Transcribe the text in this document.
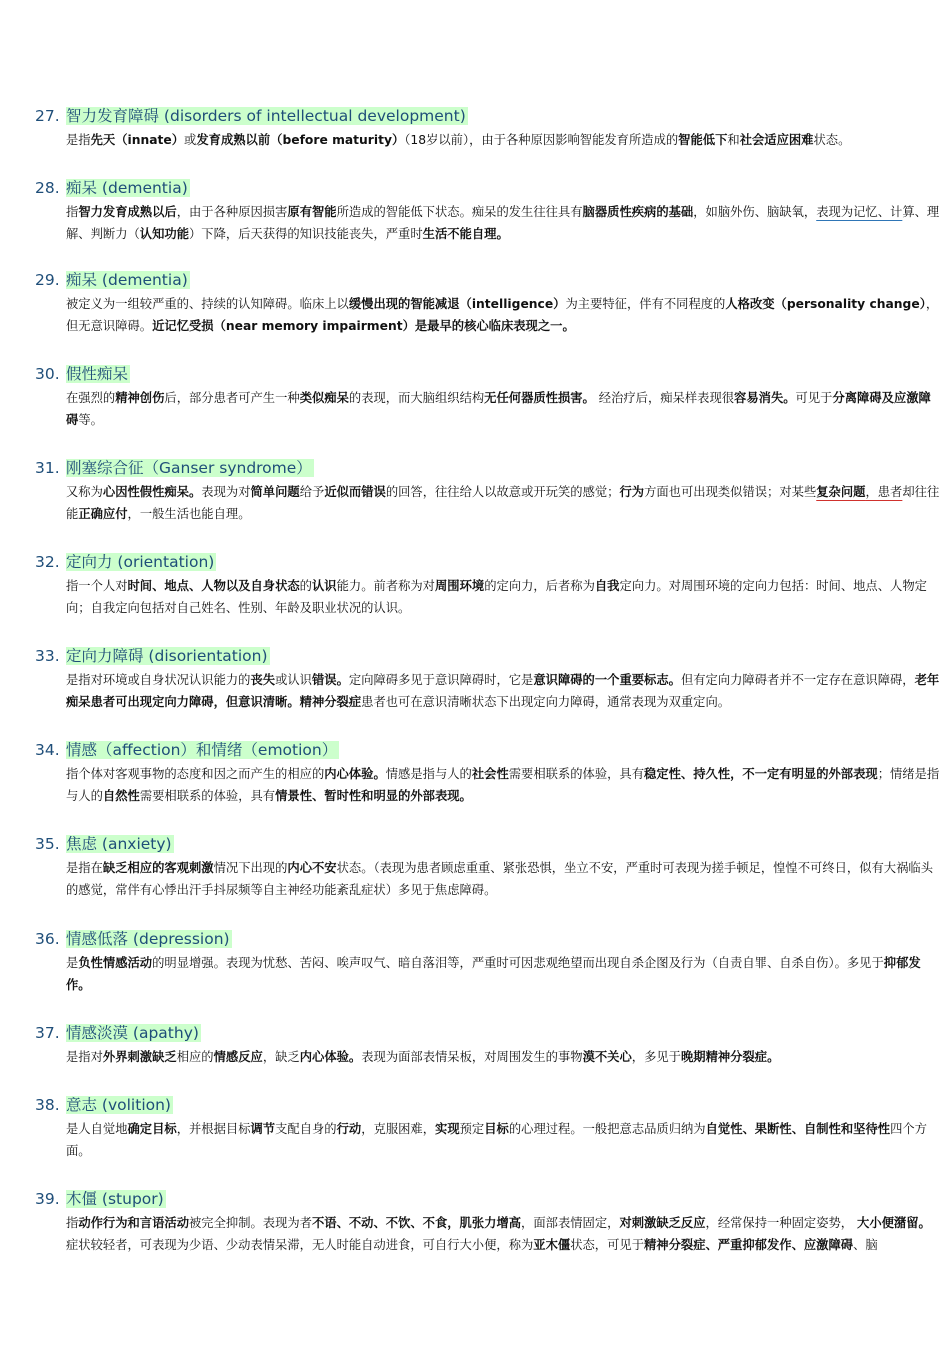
27. 智力发育障碍 (disorders of intellectual development)
是指先天（innate）或发育成熟以前（before maturity）（18岁以前），由于各种原因影响智能发育所造成的智能低下和社会适应困难状态。
28. 痴呆 (dementia)
指智力发育成熟以后，由于各种原因损害原有智能所造成的智能低下状态。痴呆的发生往往具有脑器质性疾病的基础，如脑外伤、脑缺氧，表现为记忆、计算、理解、判断力（认知功能）下降，后天获得的知识技能丧失，严重时生活不能自理。
29. 痴呆 (dementia)
被定义为一组较严重的、持续的认知障碍。临床上以缓慢出现的智能减退（intelligence）为主要特征，伴有不同程度的人格改变（personality change），但无意识障碍。近记忆受损（near memory impairment）是最早的核心临床表现之一。
30. 假性痴呆
在强烈的精神创伤后，部分患者可产生一种类似痴呆的表现，而大脑组织结构无任何器质性损害。 经治疗后，痴呆样表现很容易消失。可见于分离障碍及应激障碍等。
31. 刚塞综合征（Ganser syndrome）
又称为心因性假性痴呆。表现为对简单问题给予近似而错误的回答，往往给人以故意或开玩笑的感觉；行为方面也可出现类似错误；对某些复杂问题，患者却往往能正确应付，一般生活也能自理。
32. 定向力 (orientation)
指一个人对时间、地点、人物以及自身状态的认识能力。前者称为对周围环境的定向力，后者称为自我定向力。对周围环境的定向力包括：时间、地点、人物定向；自我定向包括对自己姓名、性别、年龄及职业状况的认识。
33. 定向力障碍 (disorientation)
是指对环境或自身状况认识能力的丧失或认识错误。定向障碍多见于意识障碍时，它是意识障碍的一个重要标志。但有定向力障碍者并不一定存在意识障碍，老年痴呆患者可出现定向力障碍，但意识清晰。精神分裂症患者也可在意识清晰状态下出现定向力障碍，通常表现为双重定向。
34. 情感（affection）和情绪（emotion）
指个体对客观事物的态度和因之而产生的相应的内心体验。情感是指与人的社会性需要相联系的体验，具有稳定性、持久性，不一定有明显的外部表现；情绪是指与人的自然性需要相联系的体验，具有情景性、暂时性和明显的外部表现。
35. 焦虑 (anxiety)
是指在缺乏相应的客观刺激情况下出现的内心不安状态。（表现为患者顾虑重重、紧张恐惧，坐立不安，严重时可表现为搓手顿足，惶惶不可终日，似有大祸临头的感觉，常伴有心悸出汗手抖尿频等自主神经功能紊乱症状）多见于焦虑障碍。
36. 情感低落 (depression)
是负性情感活动的明显增强。表现为忧愁、苦闷、唉声叹气、暗自落泪等，严重时可因悲观绝望而出现自杀企图及行为（自责自罪、自杀自伤）。多见于抑郁发作。
37. 情感淡漠 (apathy)
是指对外界刺激缺乏相应的情感反应，缺乏内心体验。表现为面部表情呆板，对周围发生的事物漠不关心，多见于晚期精神分裂症。
38. 意志 (volition)
是人自觉地确定目标，并根据目标调节支配自身的行动，克服困难，实现预定目标的心理过程。一般把意志品质归纳为自觉性、果断性、自制性和坚待性四个方面。
39. 木僵 (stupor)
指动作行为和言语活动被完全抑制。表现为者不语、不动、不饮、不食，肌张力增高，面部表情固定，对刺激缺乏反应，经常保持一种固定姿势， 大小便潴留。症状较轻者，可表现为少语、少动表情呆滞，无人时能自动进食，可自行大小便，称为亚木僵状态，可见于精神分裂症、严重抑郁发作、应激障碍、脑
